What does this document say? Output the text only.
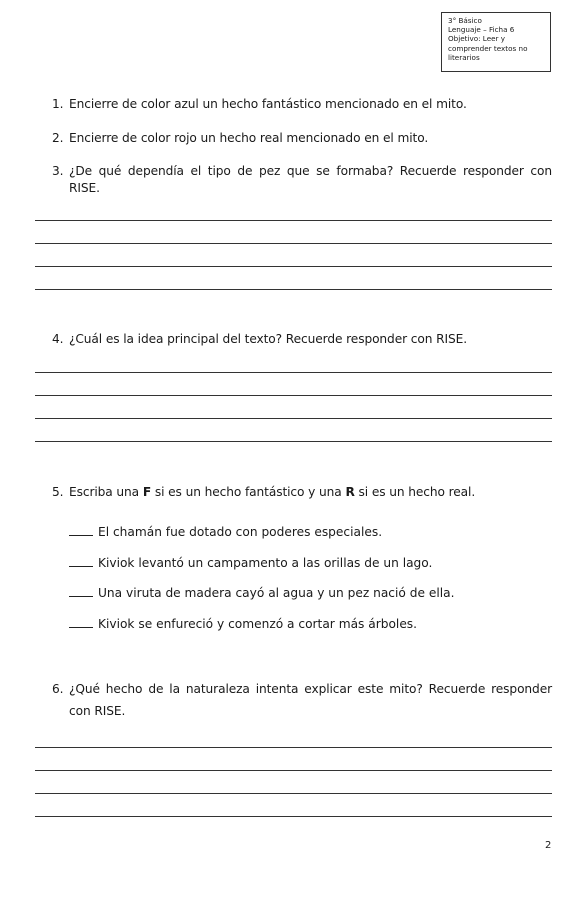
3° Básico
Lenguaje – Ficha 6
Objetivo: Leer y comprender textos no literarios
1. Encierre de color azul un hecho fantástico mencionado en el mito.
2. Encierre de color rojo un hecho real mencionado en el mito.
3. ¿De qué dependía el tipo de pez que se formaba? Recuerde responder con RISE.
4. ¿Cuál es la idea principal del texto? Recuerde responder con RISE.
5. Escriba una F si es un hecho fantástico y una R si es un hecho real.
El chamán fue dotado con poderes especiales.
Kiviok levantó un campamento a las orillas de un lago.
Una viruta de madera cayó al agua y un pez nació de ella.
Kiviok se enfureció y comenzó a cortar más árboles.
6. ¿Qué hecho de la naturaleza intenta explicar este mito? Recuerde responder con RISE.
2
